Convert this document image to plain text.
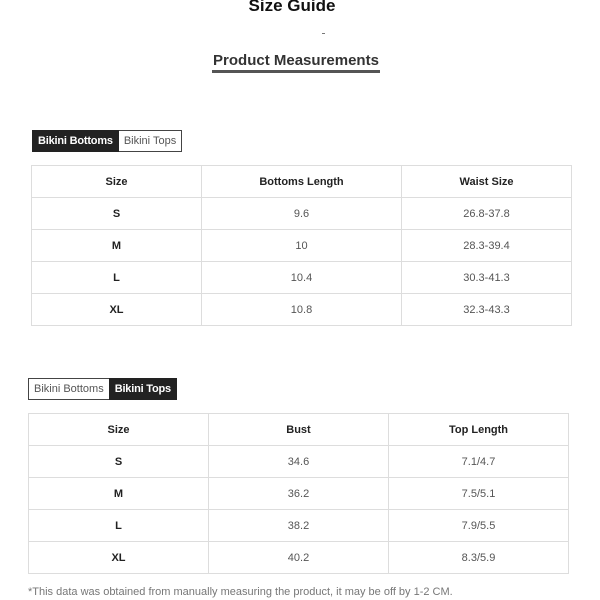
Size Guide
Product Measurements
Bikini Bottoms	Bikini Tops
Size	Bottoms Length	Waist Size
S	9.6	26.8-37.8
M	10	28.3-39.4
L	10.4	30.3-41.3
XL	10.8	32.3-43.3
Bikini Bottoms	Bikini Tops
Size	Bust	Top Length
S	34.6	7.1/4.7
M	36.2	7.5/5.1
L	38.2	7.9/5.5
XL	40.2	8.3/5.9
*This data was obtained from manually measuring the product, it may be off by 1-2 CM.
